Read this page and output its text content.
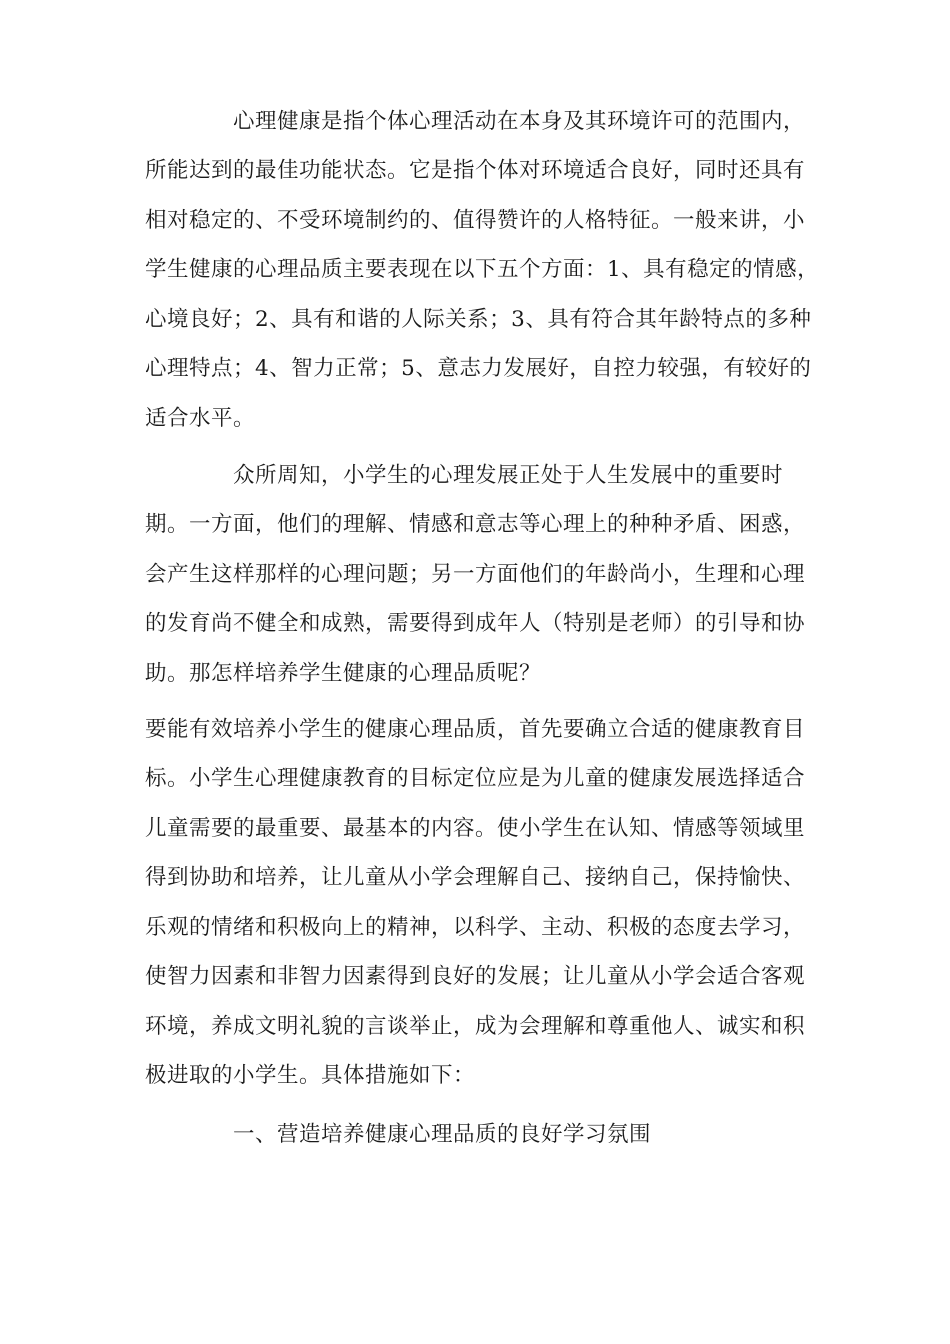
心理健康是指个体心理活动在本身及其环境许可的范围内，
所能达到的最佳功能状态。它是指个体对环境适合良好，同时还具有
相对稳定的、不受环境制约的、值得赞许的人格特征。一般来讲，小
学生健康的心理品质主要表现在以下五个方面：1、具有稳定的情感，
心境良好；2、具有和谐的人际关系；3、具有符合其年龄特点的多种
心理特点；4、智力正常；5、意志力发展好，自控力较强，有较好的
适合水平。
众所周知，小学生的心理发展正处于人生发展中的重要时
期。一方面，他们的理解、情感和意志等心理上的种种矛盾、困惑，
会产生这样那样的心理问题；另一方面他们的年龄尚小，生理和心理
的发育尚不健全和成熟，需要得到成年人（特别是老师）的引导和协
助。那怎样培养学生健康的心理品质呢？
要能有效培养小学生的健康心理品质，首先要确立合适的健康教育目
标。小学生心理健康教育的目标定位应是为儿童的健康发展选择适合
儿童需要的最重要、最基本的内容。使小学生在认知、情感等领域里
得到协助和培养，让儿童从小学会理解自己、接纳自己，保持愉快、
乐观的情绪和积极向上的精神，以科学、主动、积极的态度去学习，
使智力因素和非智力因素得到良好的发展；让儿童从小学会适合客观
环境，养成文明礼貌的言谈举止，成为会理解和尊重他人、诚实和积
极进取的小学生。具体措施如下：
一、营造培养健康心理品质的良好学习氛围
